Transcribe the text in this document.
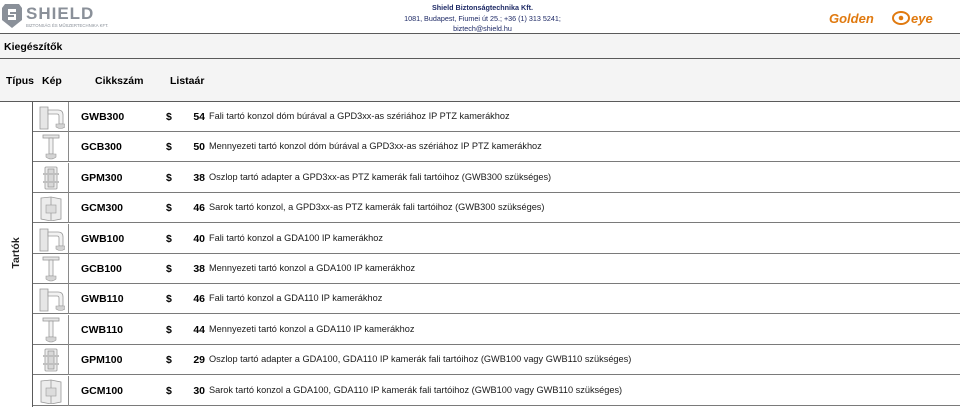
SHIELD
BIZTONSÁG ÉS MŰSZERTECHNIKA KFT.
Shield Biztonságtechnika Kft.
1081, Budapest, Fiumei út 25.; +36 (1) 313 5241; biztech@shield.hu
Golden	eye
Kiegészítők
Típus Kép	Cikkszám	Listaár
Tartók
GWB300	$	54 Fali tartó konzol dóm búrával a GPD3xx-as szériához IP PTZ kamerákhoz
GCB300	$	50 Mennyezeti tartó konzol dóm búrával a GPD3xx-as szériához IP PTZ kamerákhoz
GPM300	$	38 Oszlop tartó adapter a GPD3xx-as PTZ kamerák fali tartóihoz (GWB300 szükséges)
GCM300	$	46 Sarok tartó konzol, a GPD3xx-as PTZ kamerák fali tartóihoz (GWB300 szükséges)
GWB100	$	40 Fali tartó konzol a GDA100 IP kamerákhoz
GCB100	$	38 Mennyezeti tartó konzol a GDA100 IP kamerákhoz
GWB110	$	46 Fali tartó konzol a GDA110 IP kamerákhoz
CWB110	$	44 Mennyezeti tartó konzol a GDA110 IP kamerákhoz
GPM100	$	29 Oszlop tartó adapter a GDA100, GDA110 IP kamerák fali tartóihoz (GWB100 vagy GWB110 szükséges)
GCM100	$	30 Sarok tartó konzol a GDA100, GDA110 IP kamerák fali tartóihoz (GWB100 vagy GWB110 szükséges)
